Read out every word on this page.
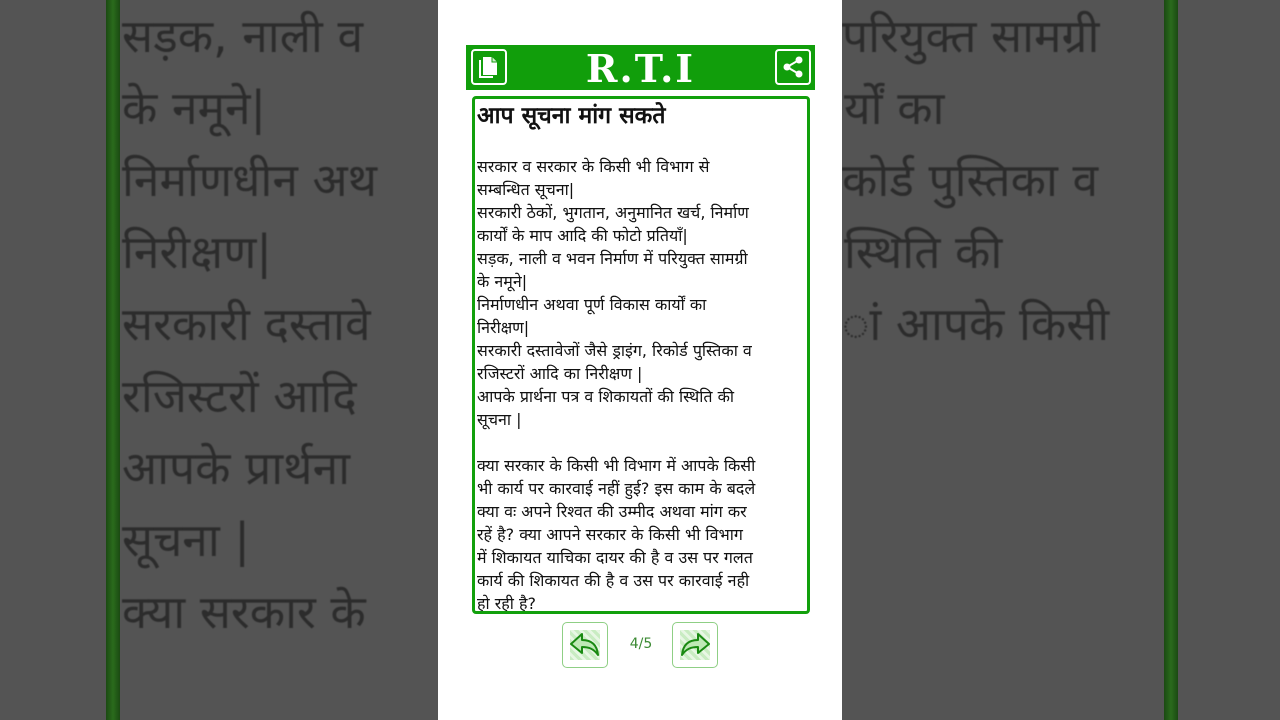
सड़क, नाली व
के नमूने|
निर्माणधीन अथ
निरीक्षण|
सरकारी दस्तावे
रजिस्टरों आदि
आपके प्रार्थना
सूचना |
क्या सरकार के
परियुक्त सामग्री
र्यों का
कोर्ड पुस्तिका व
स्थिति की
ां आपके किसी
R.T.I
आप सूचना मांग सकते
सरकार व सरकार के किसी भी विभाग से
सम्बन्धित सूचना|
सरकारी ठेकों, भुगतान, अनुमानित खर्च, निर्माण
कार्यों के माप आदि की फोटो प्रतियाँ|
सड़क, नाली व भवन निर्माण में परियुक्त सामग्री
के नमूने|
निर्माणधीन अथवा पूर्ण विकास कार्यों का
निरीक्षण|
सरकारी दस्तावेजों जैसे ड्राइंग, रिकोर्ड पुस्तिका व
रजिस्टरों आदि का निरीक्षण |
आपके प्रार्थना पत्र व शिकायतों की स्थिति की
सूचना |
क्या सरकार के किसी भी विभाग में आपके किसी
भी कार्य पर कारवाई नहीं हुई? इस काम के बदले
क्या वः अपने रिश्वत की उम्मीद अथवा मांग कर
रहें है? क्या आपने सरकार के किसी भी विभाग
में शिकायत याचिका दायर की है व उस पर गलत
कार्य की शिकायत की है व उस पर कारवाई नही
हो रही है?
4/5
